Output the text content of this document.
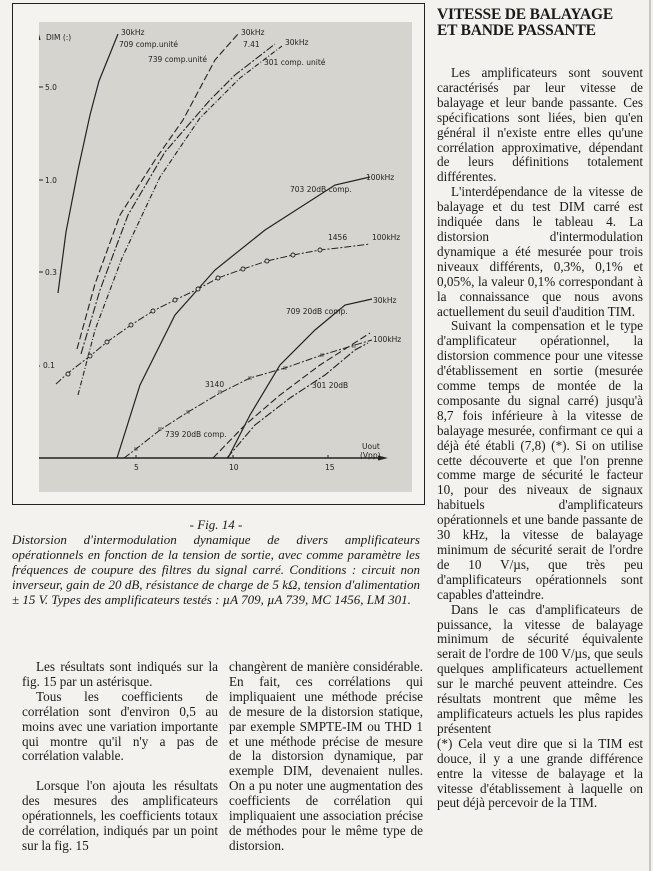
ıı
ıı
ıı
ıı
ıı
ıı
ıı
ıı
DIM (:)
5.0
1.0
0.3
0.1
5	10	15
Uout
(Vpp)
30kHz
709 comp.unité
30kHz
7.41
739 comp.unité
30kHz
301 comp. unité
100kHz
703 20dB comp.
1456	100kHz
30kHz
709 20dB comp.
100kHz
3140	301 20dB
739 20dB comp.
- Fig. 14 -
Distorsion d'intermodulation dynamique de divers amplificateurs opérationnels en fonction de la tension de sortie, avec comme paramètre les fréquences de coupure des filtres du signal carré. Conditions : circuit non inverseur, gain de 20 dB, résistance de charge de 5 kΩ, tension d'alimentation ± 15 V. Types des amplificateurs testés : µA 709, µA 739, MC 1456, LM 301.
VITESSE DE BALAYAGE
ET BANDE PASSANTE

Les amplificateurs sont souvent caractérisés par leur vitesse de balayage et leur bande passante. Ces spécifications sont liées, bien qu'en général il n'existe entre elles qu'une corrélation approximative, dépendant de leurs définitions totalement différentes.

L'interdépendance de la vitesse de balayage et du test DIM carré est indiquée dans le tableau 4. La distorsion d'intermodulation dynamique a été mesurée pour trois niveaux différents, 0,3%, 0,1% et 0,05%, la valeur 0,1% correspondant à la connaissance que nous avons actuellement du seuil d'audition TIM.

Suivant la compensation et le type d'amplificateur opérationnel, la distorsion commence pour une vitesse d'établissement en sortie (mesurée comme temps de montée de la composante du signal carré) jusqu'à 8,7 fois inférieure à la vitesse de balayage mesurée, confirmant ce qui a déjà été établi (7,8) (*). Si on utilise cette découverte et que l'on prenne comme marge de sécurité le facteur 10, pour des niveaux de signaux habituels d'amplificateurs opérationnels et une bande passante de 30 kHz, la vitesse de balayage minimum de sécurité serait de l'ordre de 10 V/µs, que très peu d'amplificateurs opérationnels sont capables d'atteindre.

Dans le cas d'amplificateurs de puissance, la vitesse de balayage minimum de sécurité équivalente serait de l'ordre de 100 V/µs, que seuls quelques amplificateurs actuellement sur le marché peuvent atteindre. Ces résultats montrent que même les amplificateurs actuels les plus rapides présentent

(*) Cela veut dire que si la TIM est douce, il y a une grande différence entre la vitesse de balayage et la vitesse d'établissement à laquelle on peut déjà percevoir de la TIM.

Les résultats sont indiqués sur la fig. 15 par un astérisque.

Tous les coefficients de corrélation sont d'environ 0,5 au moins avec une variation importante qui montre qu'il n'y a pas de corrélation valable.

Lorsque l'on ajouta les résultats des mesures des amplificateurs opérationnels, les coefficients totaux de corrélation, indiqués par un point sur la fig. 15

changèrent de manière considérable. En fait, ces corrélations qui impliquaient une méthode précise de mesure de la distorsion statique, par exemple SMPTE-IM ou THD 1 et une méthode précise de mesure de la distorsion dynamique, par exemple DIM, devenaient nulles. On a pu noter une augmentation des coefficients de corrélation qui impliquaient une association précise de méthodes pour le même type de distorsion.
